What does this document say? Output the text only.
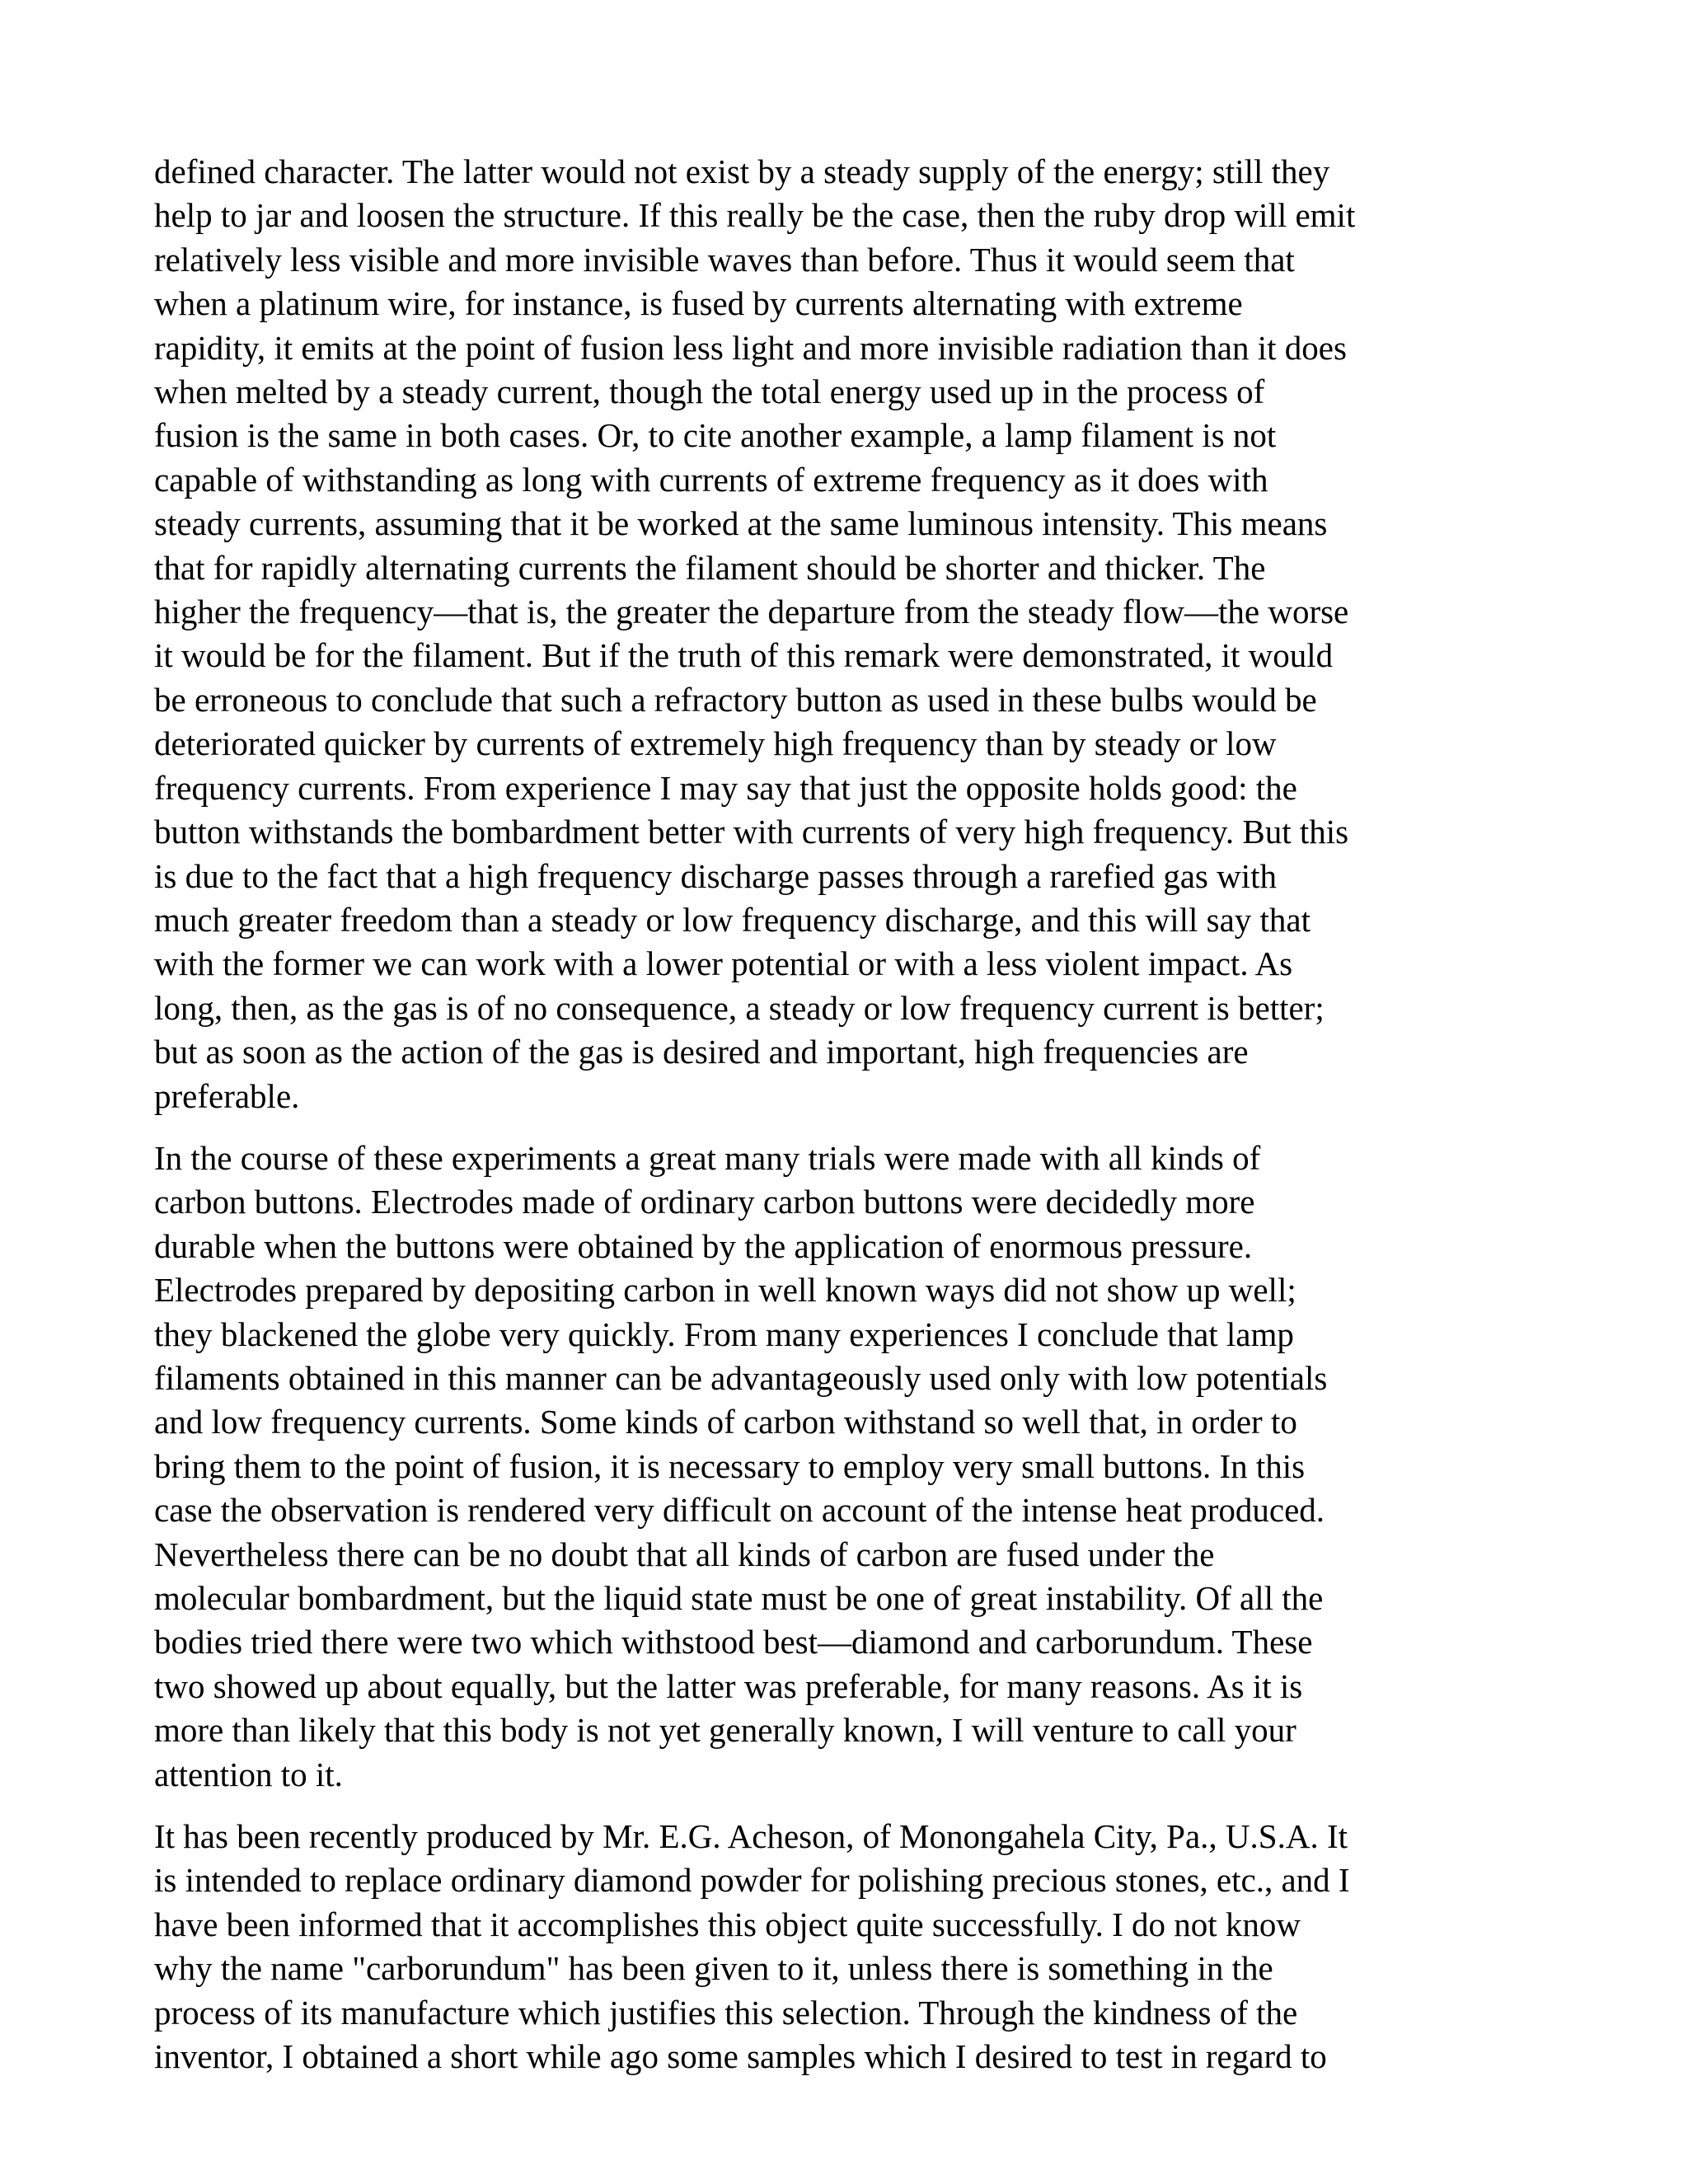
defined character. The latter would not exist by a steady supply of the energy; still they
help to jar and loosen the structure. If this really be the case, then the ruby drop will emit
relatively less visible and more invisible waves than before. Thus it would seem that
when a platinum wire, for instance, is fused by currents alternating with extreme
rapidity, it emits at the point of fusion less light and more invisible radiation than it does
when melted by a steady current, though the total energy used up in the process of
fusion is the same in both cases. Or, to cite another example, a lamp filament is not
capable of withstanding as long with currents of extreme frequency as it does with
steady currents, assuming that it be worked at the same luminous intensity. This means
that for rapidly alternating currents the filament should be shorter and thicker. The
higher the frequency—that is, the greater the departure from the steady flow—the worse
it would be for the filament. But if the truth of this remark were demonstrated, it would
be erroneous to conclude that such a refractory button as used in these bulbs would be
deteriorated quicker by currents of extremely high frequency than by steady or low
frequency currents. From experience I may say that just the opposite holds good: the
button withstands the bombardment better with currents of very high frequency. But this
is due to the fact that a high frequency discharge passes through a rarefied gas with
much greater freedom than a steady or low frequency discharge, and this will say that
with the former we can work with a lower potential or with a less violent impact. As
long, then, as the gas is of no consequence, a steady or low frequency current is better;
but as soon as the action of the gas is desired and important, high frequencies are
preferable.

In the course of these experiments a great many trials were made with all kinds of
carbon buttons. Electrodes made of ordinary carbon buttons were decidedly more
durable when the buttons were obtained by the application of enormous pressure.
Electrodes prepared by depositing carbon in well known ways did not show up well;
they blackened the globe very quickly. From many experiences I conclude that lamp
filaments obtained in this manner can be advantageously used only with low potentials
and low frequency currents. Some kinds of carbon withstand so well that, in order to
bring them to the point of fusion, it is necessary to employ very small buttons. In this
case the observation is rendered very difficult on account of the intense heat produced.
Nevertheless there can be no doubt that all kinds of carbon are fused under the
molecular bombardment, but the liquid state must be one of great instability. Of all the
bodies tried there were two which withstood best—diamond and carborundum. These
two showed up about equally, but the latter was preferable, for many reasons. As it is
more than likely that this body is not yet generally known, I will venture to call your
attention to it.

It has been recently produced by Mr. E.G. Acheson, of Monongahela City, Pa., U.S.A. It
is intended to replace ordinary diamond powder for polishing precious stones, etc., and I
have been informed that it accomplishes this object quite successfully. I do not know
why the name "carborundum" has been given to it, unless there is something in the
process of its manufacture which justifies this selection. Through the kindness of the
inventor, I obtained a short while ago some samples which I desired to test in regard to
